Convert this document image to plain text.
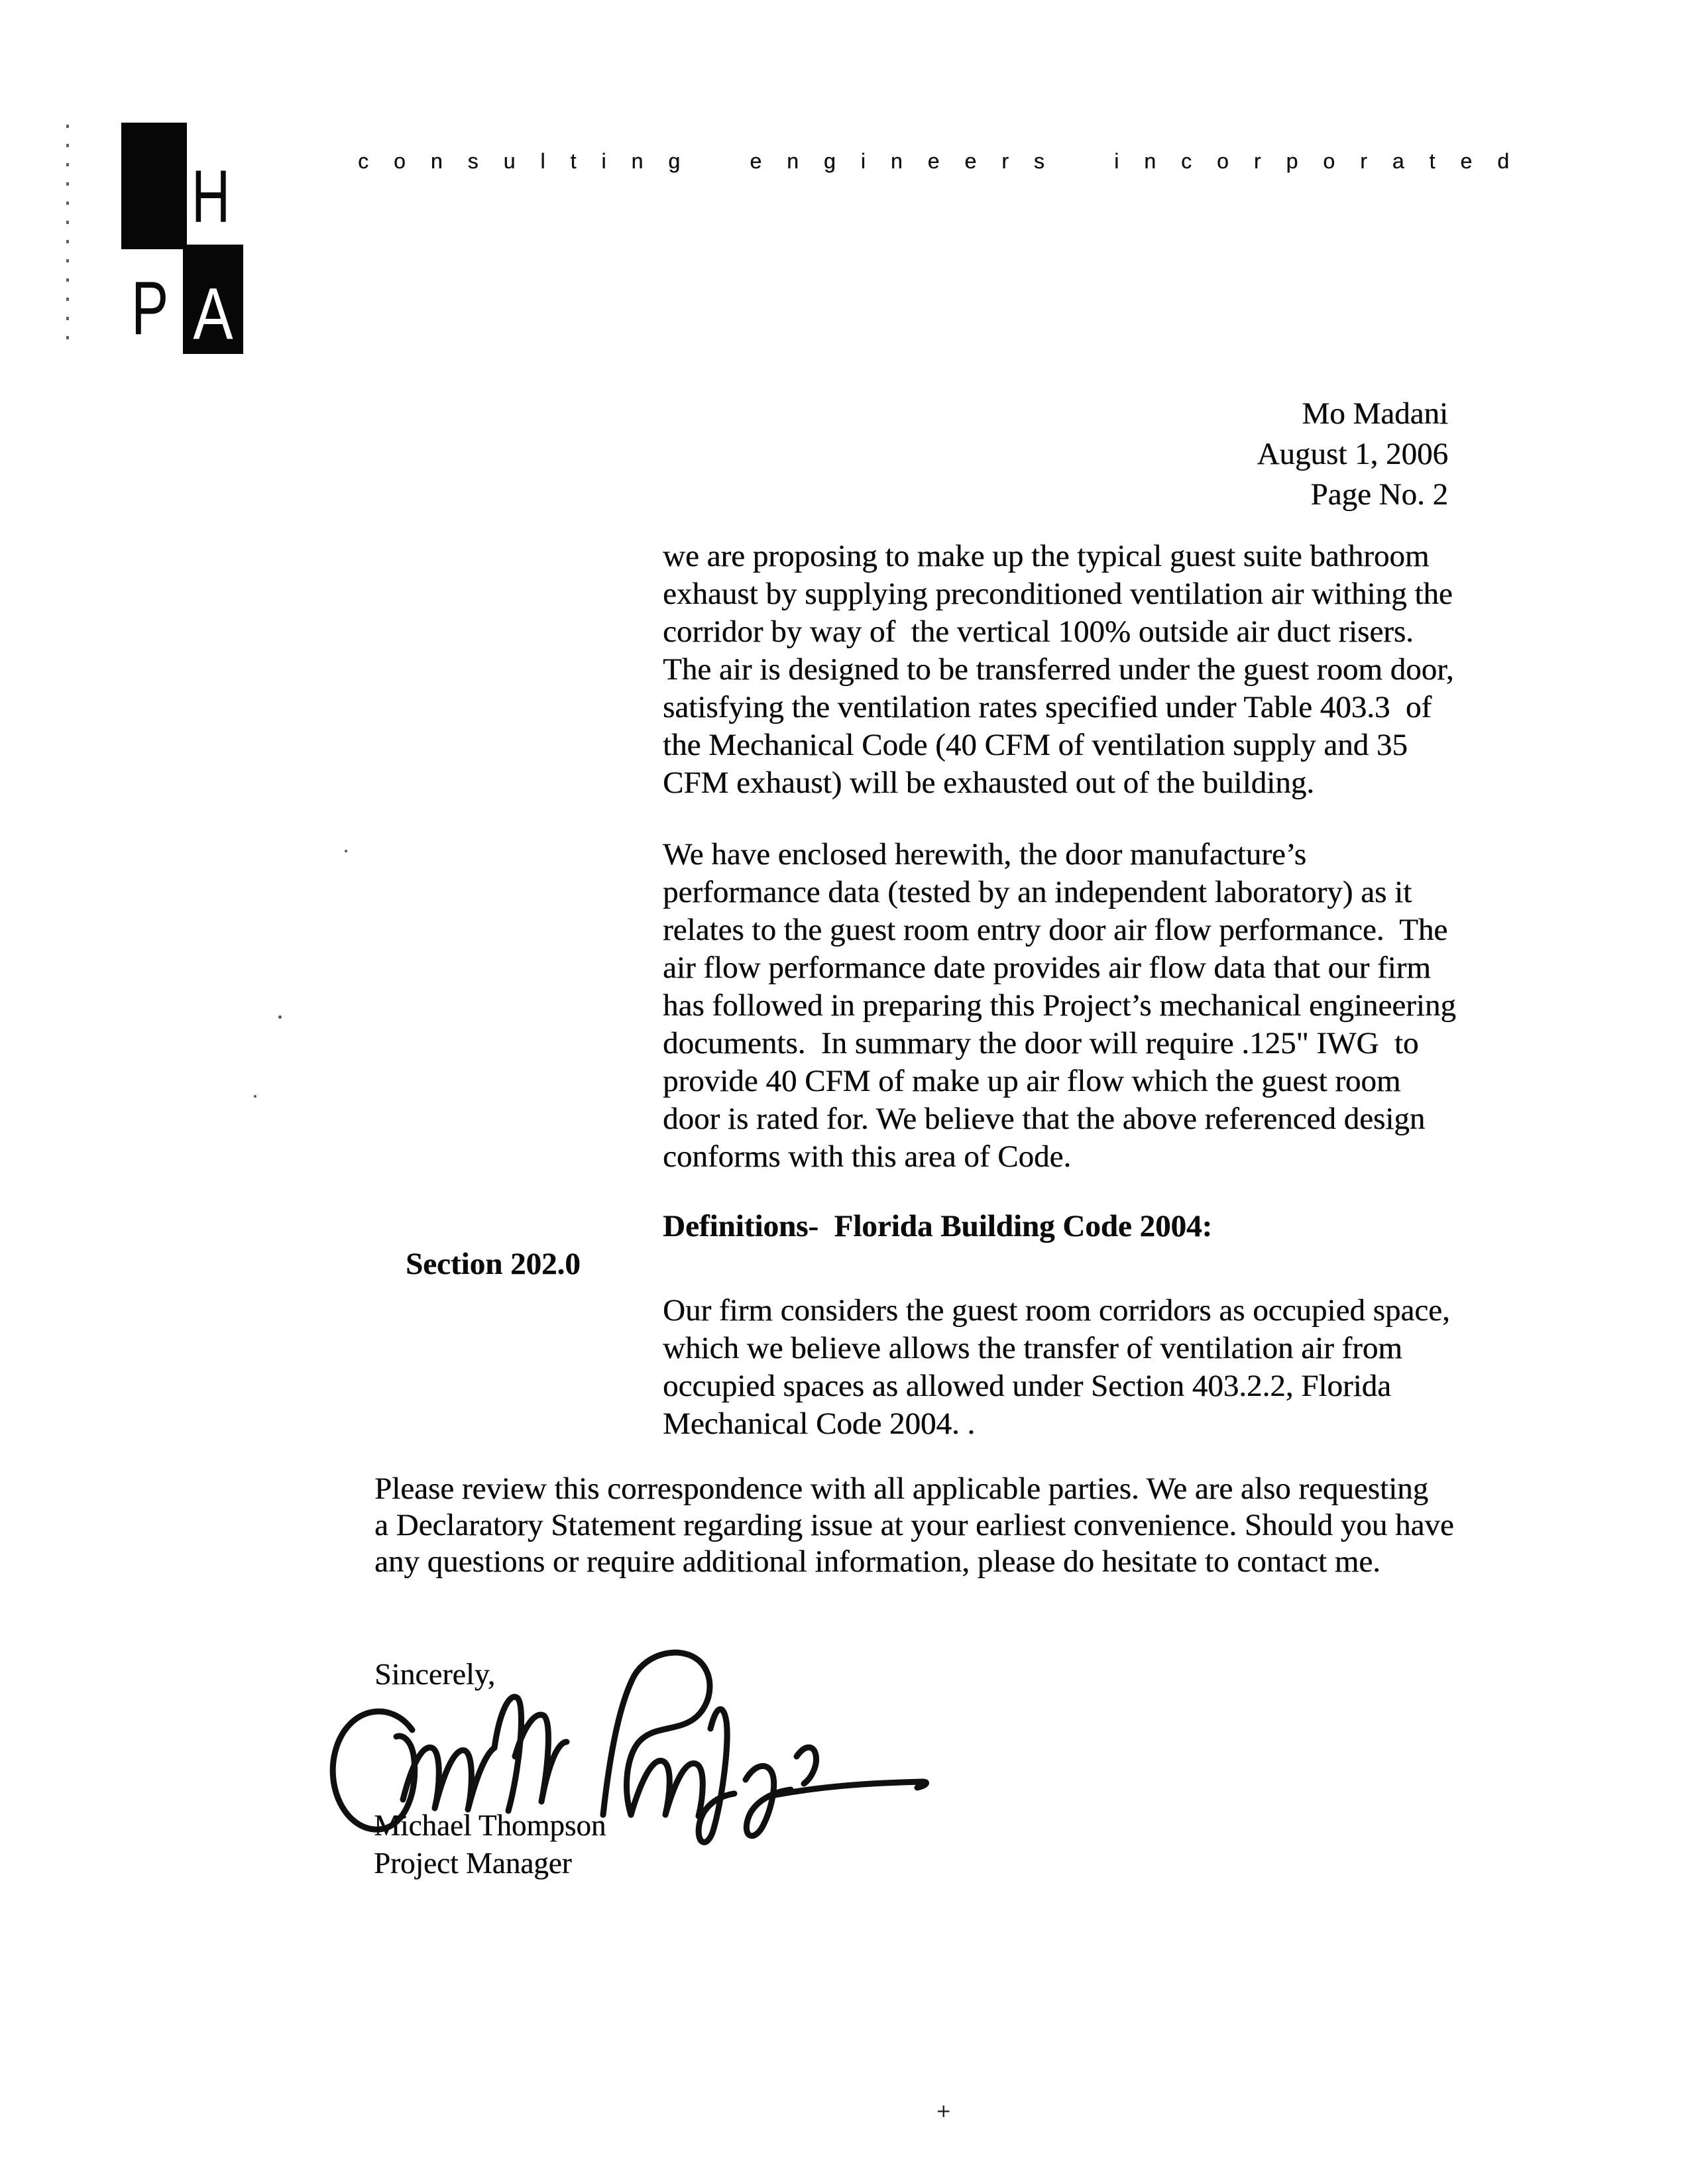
+
H
P A
consulting engineers incorporated
Mo Madani
August 1, 2006
Page No. 2
we are proposing to make up the typical guest suite bathroom
exhaust by supplying preconditioned ventilation air withing the
corridor by way of  the vertical 100% outside air duct risers.
The air is designed to be transferred under the guest room door,
satisfying the ventilation rates specified under Table 403.3  of
the Mechanical Code (40 CFM of ventilation supply and 35
CFM exhaust) will be exhausted out of the building.
We have enclosed herewith, the door manufacture’s
performance data (tested by an independent laboratory) as it
relates to the guest room entry door air flow performance.  The
air flow performance date provides air flow data that our firm
has followed in preparing this Project’s mechanical engineering
documents.  In summary the door will require .125" IWG  to
provide 40 CFM of make up air flow which the guest room
door is rated for. We believe that the above referenced design
conforms with this area of Code.

Section 202.0

Definitions-  Florida Building Code 2004:

Our firm considers the guest room corridors as occupied space,
which we believe allows the transfer of ventilation air from
occupied spaces as allowed under Section 403.2.2, Florida
Mechanical Code 2004. .
Please review this correspondence with all applicable parties. We are also requesting
a Declaratory Statement regarding issue at your earliest convenience. Should you have
any questions or require additional information, please do hesitate to contact me.
Sincerely,
Michael Thompson
Project Manager
